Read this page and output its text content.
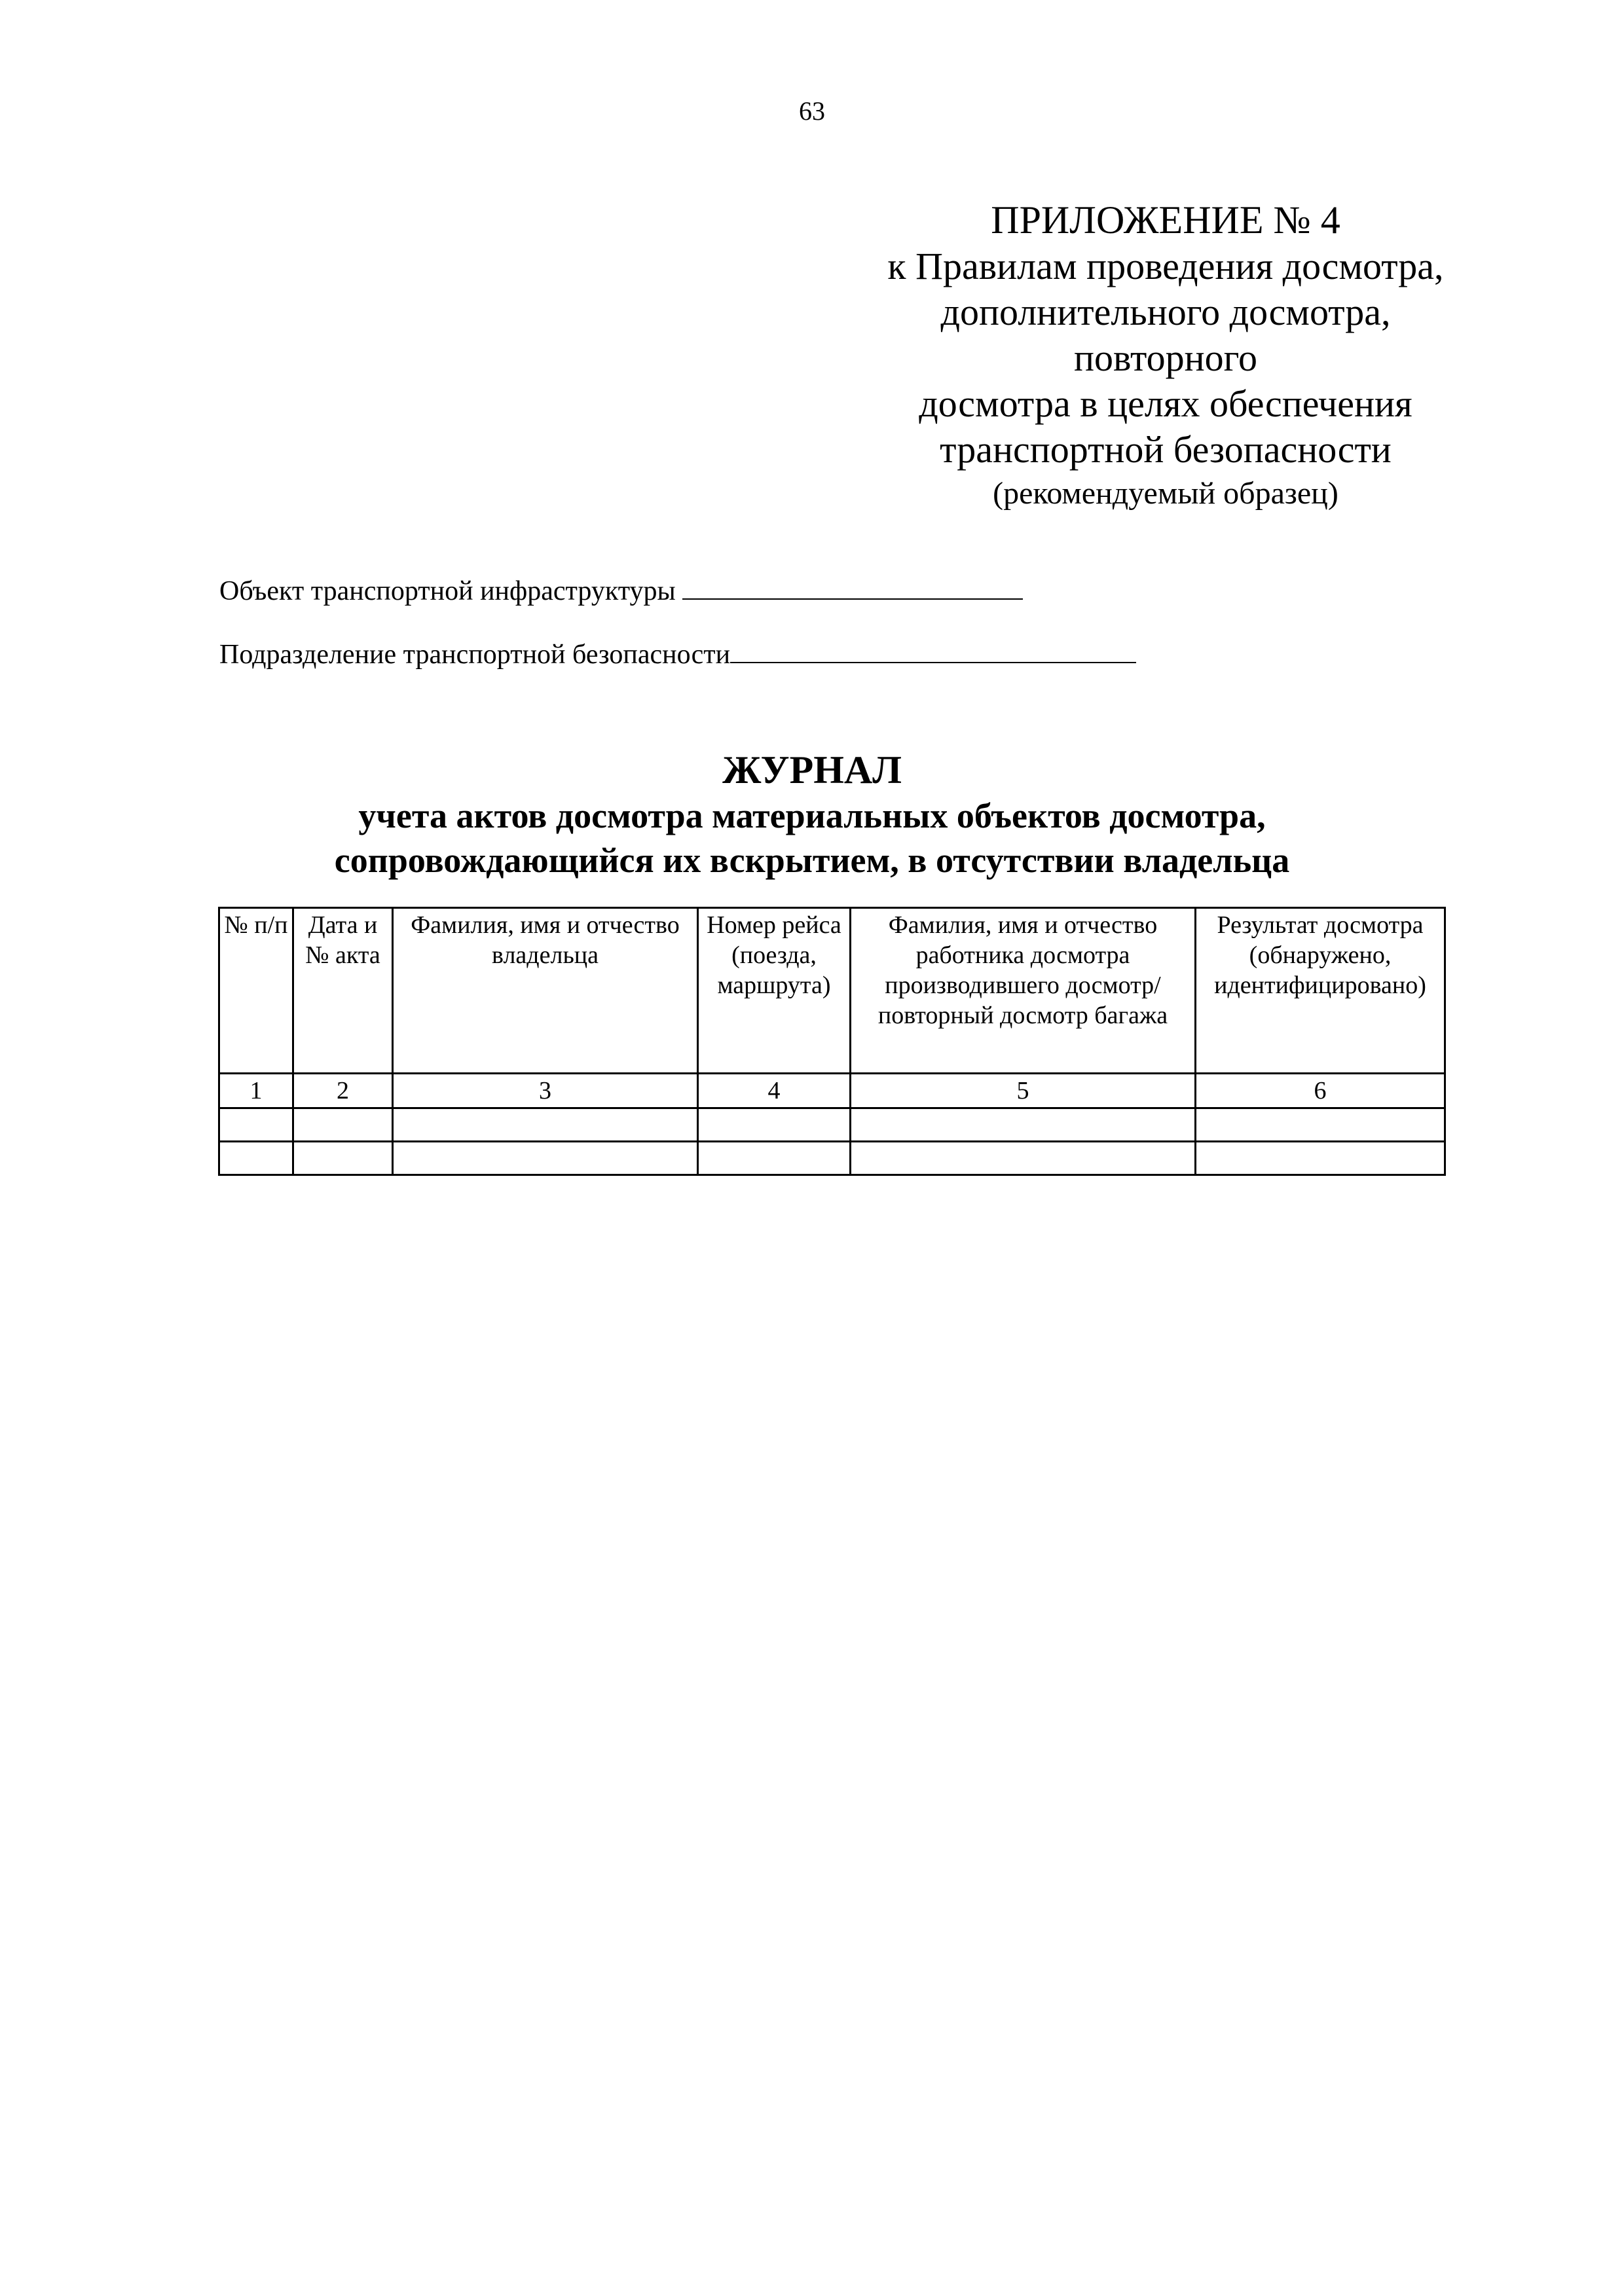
63
ПРИЛОЖЕНИЕ № 4
к Правилам проведения досмотра,
дополнительного досмотра,
повторного
досмотра в целях обеспечения
транспортной безопасности
(рекомендуемый образец)
Объект транспортной инфраструктуры
Подразделение транспортной безопасности
ЖУРНАЛ
учета актов досмотра материальных объектов досмотра,
сопровождающийся их вскрытием, в отсутствии владельца
№ п/п	Дата и № акта	Фамилия, имя и отчество владельца	Номер рейса (поезда, маршрута)	Фамилия, имя и отчество работника досмотра производившего досмотр/повторный досмотр багажа	Результат досмотра (обнаружено, идентифицировано)
1	2	3	4	5	6
